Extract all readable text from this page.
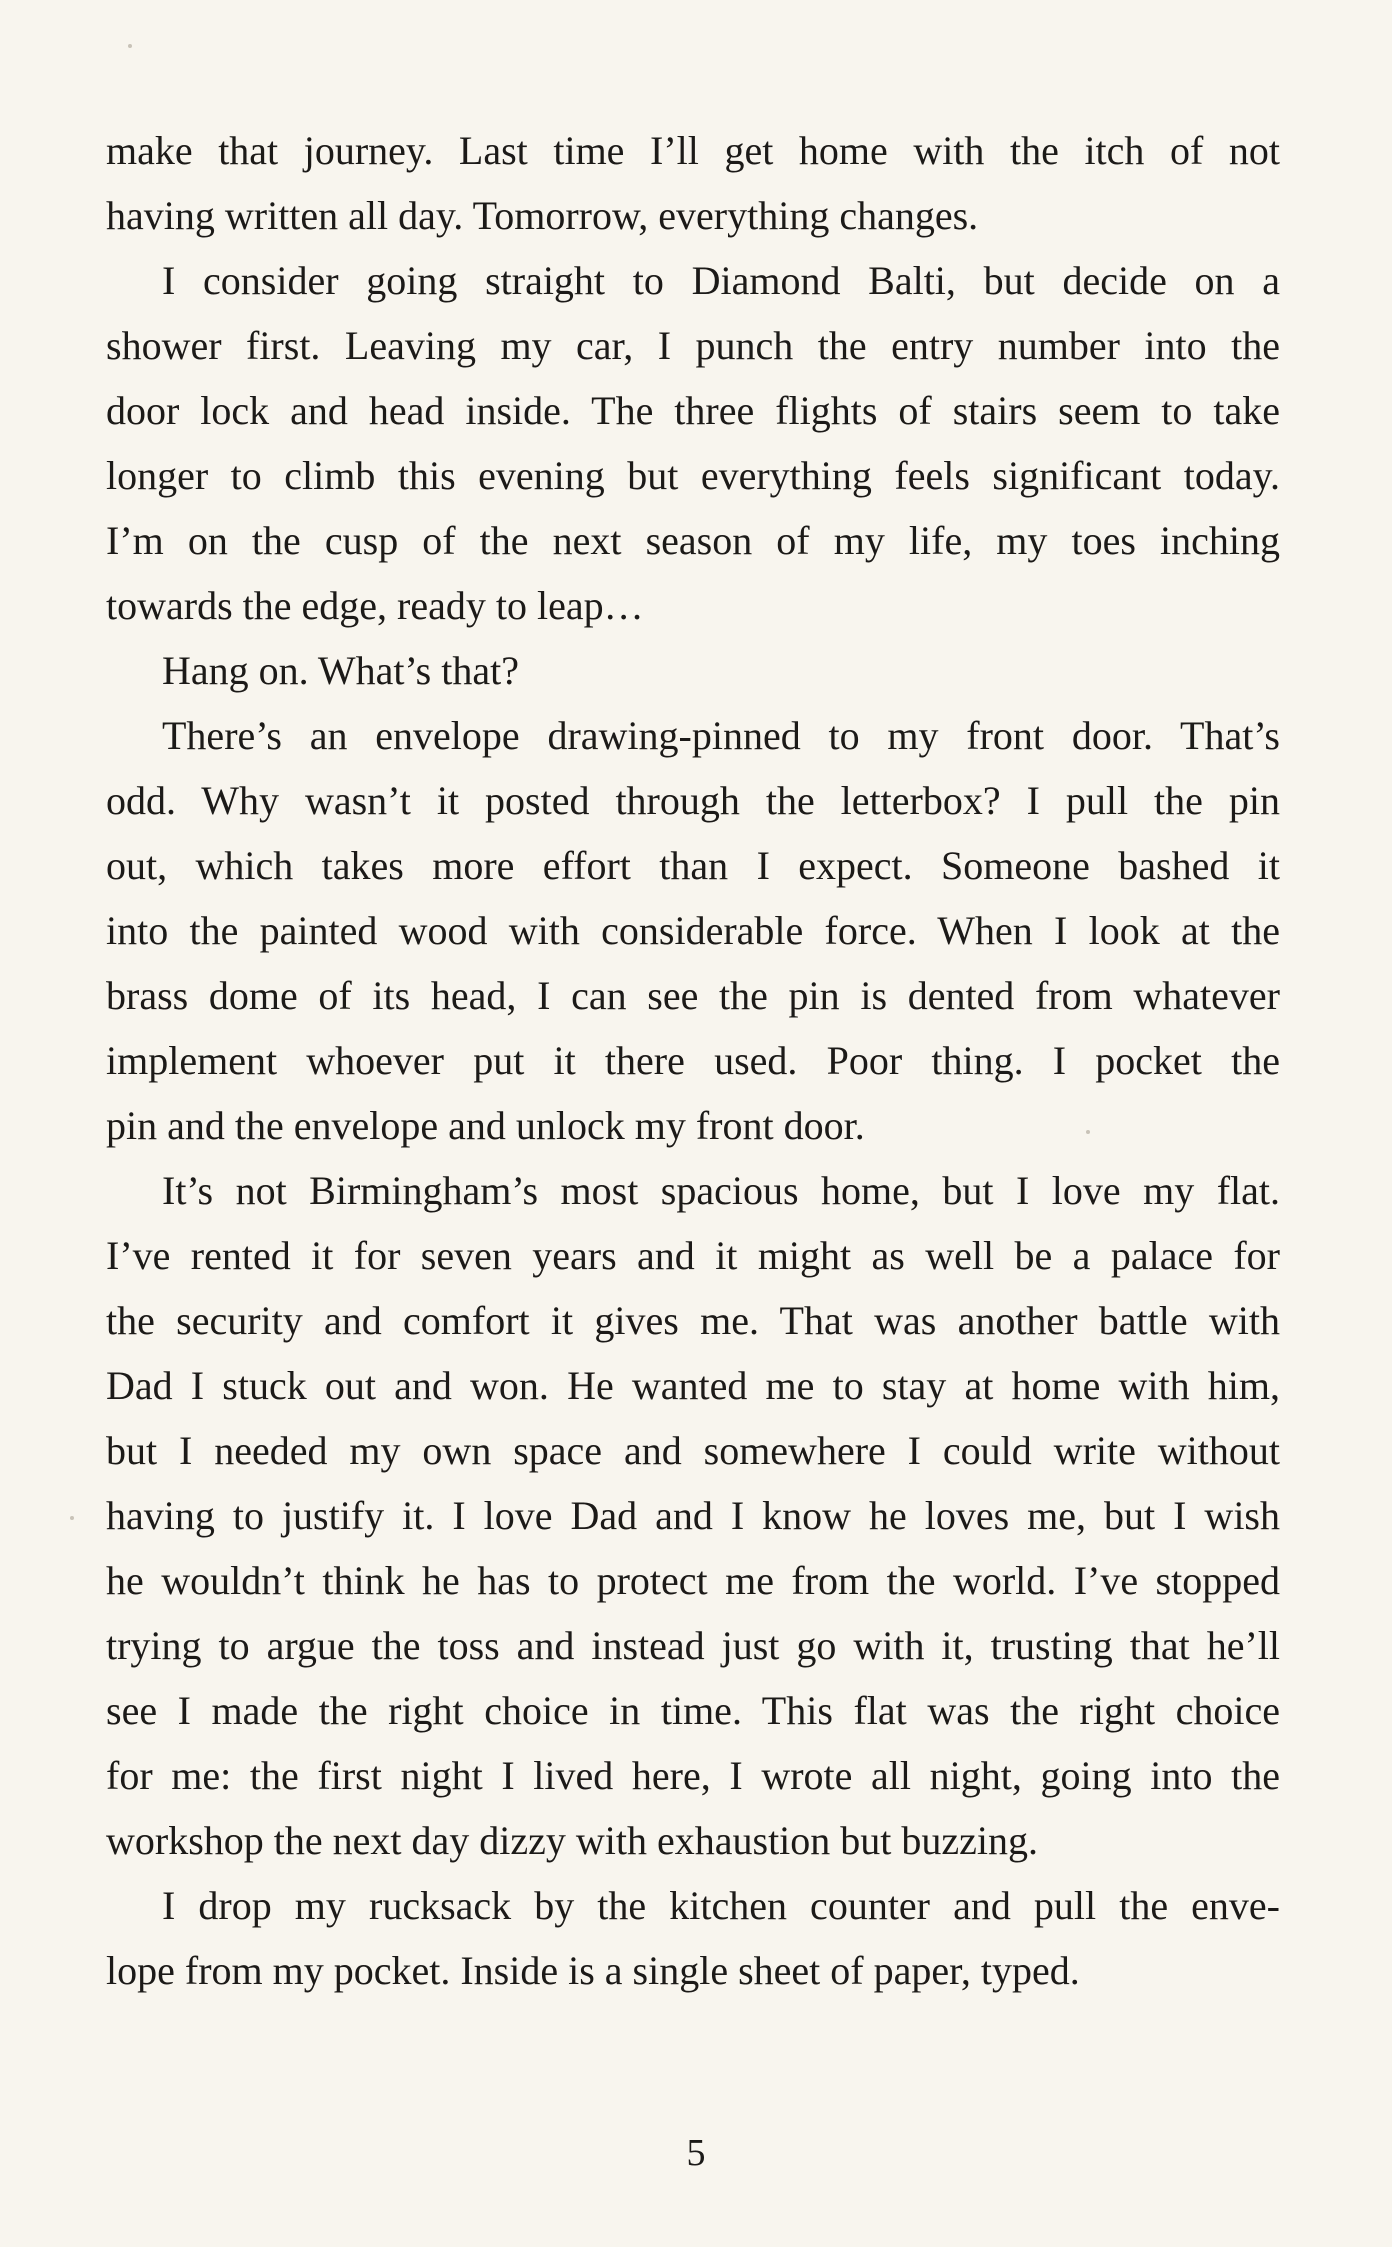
make that journey. Last time I’ll get home with the itch of not
having written all day. Tomorrow, everything changes.
I consider going straight to Diamond Balti, but decide on a
shower first. Leaving my car, I punch the entry number into the
door lock and head inside. The three flights of stairs seem to take
longer to climb this evening but everything feels significant today.
I’m on the cusp of the next season of my life, my toes inching
towards the edge, ready to leap…
Hang on. What’s that?
There’s an envelope drawing-pinned to my front door. That’s
odd. Why wasn’t it posted through the letterbox? I pull the pin
out, which takes more effort than I expect. Someone bashed it
into the painted wood with considerable force. When I look at the
brass dome of its head, I can see the pin is dented from whatever
implement whoever put it there used. Poor thing. I pocket the
pin and the envelope and unlock my front door.
It’s not Birmingham’s most spacious home, but I love my flat.
I’ve rented it for seven years and it might as well be a palace for
the security and comfort it gives me. That was another battle with
Dad I stuck out and won. He wanted me to stay at home with him,
but I needed my own space and somewhere I could write without
having to justify it. I love Dad and I know he loves me, but I wish
he wouldn’t think he has to protect me from the world. I’ve stopped
trying to argue the toss and instead just go with it, trusting that he’ll
see I made the right choice in time. This flat was the right choice
for me: the first night I lived here, I wrote all night, going into the
workshop the next day dizzy with exhaustion but buzzing.
I drop my rucksack by the kitchen counter and pull the enve-
lope from my pocket. Inside is a single sheet of paper, typed.
5
